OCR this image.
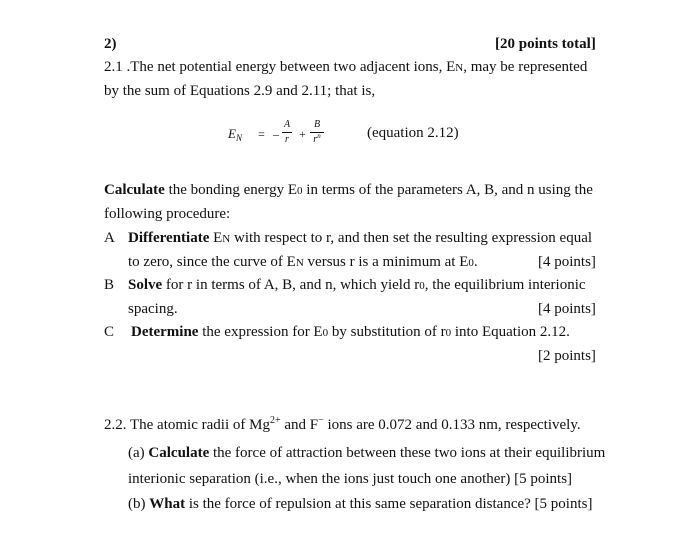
2)	[20 points total]
2.1 .The net potential energy between two adjacent ions, EN, may be represented
by the sum of Equations 2.9 and 2.11; that is,
$E_N$ = –
A
r +
B
$r^n$	(equation 2.12)
Calculate the bonding energy E0 in terms of the parameters A, B, and n using the
following procedure:
A Differentiate EN with respect to r, and then set the resulting expression equal
to zero, since the curve of EN versus r is a minimum at E0.	[4 points]
B Solve for r in terms of A, B, and n, which yield r0, the equilibrium interionic
spacing.	[4 points]
C Determine the expression for E0 by substitution of r0 into Equation 2.12.
[2 points]
2.2. The atomic radii of $Mg^{2+}$ and F− ions are 0.072 and 0.133 nm, respectively.
(a) Calculate the force of attraction between these two ions at their equilibrium
interionic separation (i.e., when the ions just touch one another) [5 points]
(b) What is the force of repulsion at this same separation distance? [5 points]
